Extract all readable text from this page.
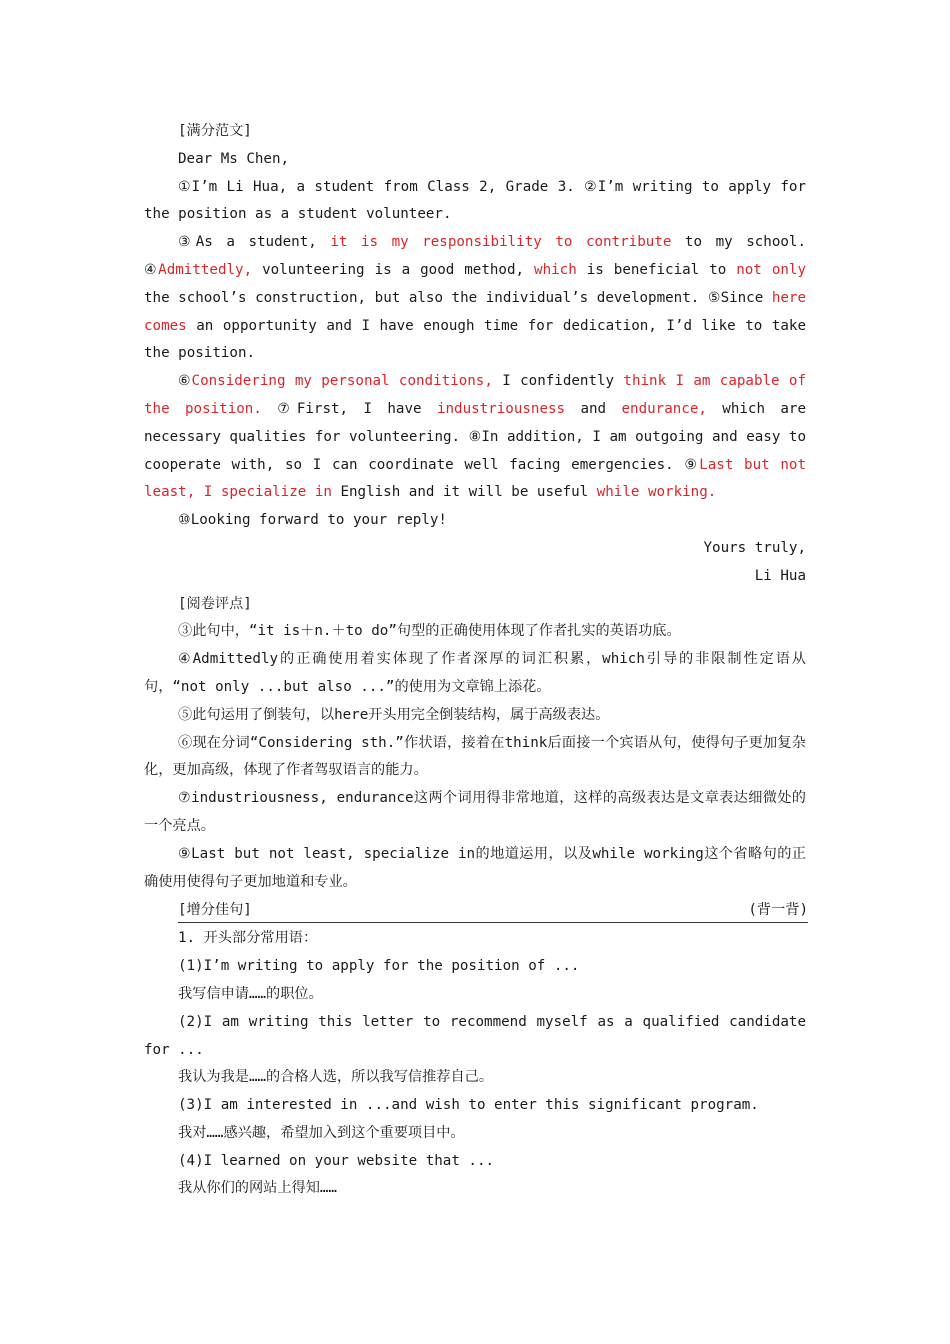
[满分范文]

Dear Ms Chen,

①I’m Li Hua, a student from Class 2, Grade 3. ②I’m writing to apply for the position as a student volunteer.

③As a student, it is my responsibility to contribute to my school. ④Admittedly, volunteering is a good method, which is beneficial to not only the school’s construction, but also the individual’s development. ⑤Since here comes an opportunity and I have enough time for dedication, I’d like to take the position.

⑥Considering my personal conditions, I confidently think I am capable of the position. ⑦First, I have industriousness and endurance, which are necessary qualities for volunteering. ⑧In addition, I am outgoing and easy to cooperate with, so I can coordinate well facing emergencies. ⑨Last but not least, I specialize in English and it will be useful while working.

⑩Looking forward to your reply!

Yours truly,

Li Hua

[阅卷评点]

③此句中，“it is＋n.＋to do”句型的正确使用体现了作者扎实的英语功底。

④Admittedly的正确使用着实体现了作者深厚的词汇积累，which引导的非限制性定语从句，“not only ...but also ...”的使用为文章锦上添花。

⑤此句运用了倒装句，以here开头用完全倒装结构，属于高级表达。

⑥现在分词“Considering sth.”作状语，接着在think后面接一个宾语从句，使得句子更加复杂化，更加高级，体现了作者驾驭语言的能力。

⑦industriousness, endurance这两个词用得非常地道，这样的高级表达是文章表达细微处的一个亮点。

⑨Last but not least, specialize in的地道运用，以及while working这个省略句的正确使用使得句子更加地道和专业。

[增分佳句]	(背一背)

1. 开头部分常用语：

(1)I’m writing to apply for the position of ...

我写信申请……的职位。

(2)I am writing this letter to recommend myself as a qualified candidate for ...

我认为我是……的合格人选，所以我写信推荐自己。

(3)I am interested in ...and wish to enter this significant program.

我对……感兴趣，希望加入到这个重要项目中。

(4)I learned on your website that ...

我从你们的网站上得知……
